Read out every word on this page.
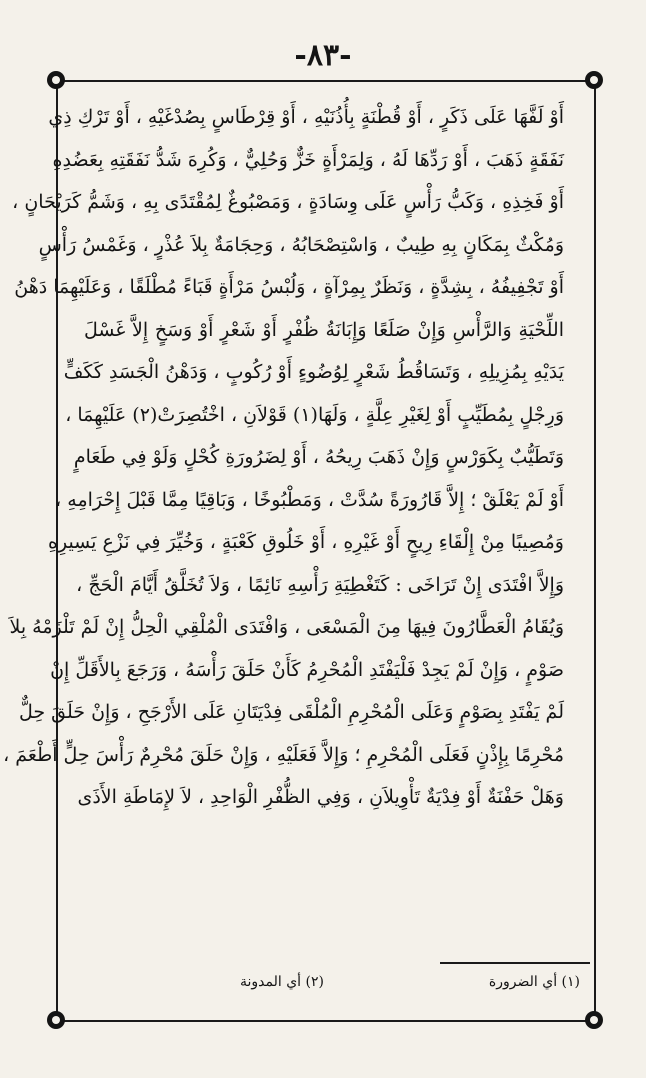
-٨٣-
أَوْ لَفَّهَا عَلَى ذَكَرٍ ، أَوْ قُطْنَةٍ بِأُذُنَيْهِ ، أَوْ قِرْطَاسٍ بِصُدْغَيْهِ ، أَوْ تَرْكِ ذِي
نَفَقَةٍ ذَهَبَ ، أَوْ رَدِّهَا لَهُ ، وَلِمَرْأَةٍ خَزٌّ وَحُلِيٌّ ، وَكُرِهَ شَدُّ نَفَقَتِهِ بِعَضُدِهِ
أَوْ فَخِذِهِ ، وَكَبُّ رَأْسٍ عَلَى وِسَادَةٍ ، وَمَصْبُوغٌ لِمُقْتَدًى بِهِ ، وَشَمُّ كَرَيْحَانٍ ،
وَمُكْثٌ بِمَكَانٍ بِهِ طِيبٌ ، وَاسْتِصْحَابُهُ ، وَحِجَامَةٌ بِلاَ عُذْرٍ ، وَغَمْسُ رَأْسٍ
أَوْ تَجْفِيفُهُ ، بِشِدَّةٍ ، وَنَظَرٌ بِمِرْآةٍ ، وَلُبْسُ مَرْأَةٍ قَبَاءً مُطْلَقًا ، وَعَلَيْهِمَا دَهْنُ
اللِّحْيَةِ وَالرَّأْسِ وَإِنْ صَلَعًا وَإِبَانَةُ ظُفْرٍ أَوْ شَعْرٍ أَوْ وَسَخٍ إِلاَّ غَسْلَ
يَدَيْهِ بِمُزِيلِهِ ، وَتَسَاقُطُ شَعْرٍ لِوُضُوءٍ أَوْ رُكُوبٍ ، وَدَهْنُ الْجَسَدِ كَكَفٍّ
وَرِجْلٍ بِمُطَيِّبٍ أَوْ لِغَيْرِ عِلَّةٍ ، وَلَهَا(١) قَوْلاَنِ ، اخْتُصِرَتْ(٢) عَلَيْهِمَا ،
وَتَطَيُّبٌ بِكَوَرْسٍ وَإِنْ ذَهَبَ رِيحُهُ ، أَوْ لِضَرُورَةِ كُحْلٍ وَلَوْ فِي طَعَامٍ
أَوْ لَمْ يَعْلَقْ ؛ إِلاَّ قَارُورَةً سُدَّتْ ، وَمَطْبُوخًا ، وَبَاقِيًا مِمَّا قَبْلَ إِحْرَامِهِ ،
وَمُصِيبًا مِنْ إِلْقَاءِ رِيحٍ أَوْ غَيْرِهِ ، أَوْ خَلُوقِ كَعْبَةٍ ، وَخُيِّرَ فِي نَزْعِ يَسِيرِهِ
وَإِلاَّ افْتَدَى إِنْ تَرَاخَى : كَتَغْطِيَةِ رَأْسِهِ نَائِمًا ، وَلاَ تُخَلَّقُ أَيَّامَ الْحَجِّ ،
وَيُقَامُ الْعَطَّارُونَ فِيهَا مِنَ الْمَسْعَى ، وَافْتَدَى الْمُلْقِي الْحِلُّ إِنْ لَمْ تَلْزَمْهُ بِلاَ
صَوْمٍ ، وَإِنْ لَمْ يَجِدْ فَلْيَفْتَدِ الْمُحْرِمُ كَأَنْ حَلَقَ رَأْسَهُ ، وَرَجَعَ بِالأَقَلِّ إِنْ
لَمْ يَفْتَدِ بِصَوْمٍ وَعَلَى الْمُحْرِمِ الْمُلْقَى فِدْيَتَانِ عَلَى الأَرْجَحِ ، وَإِنْ حَلَقَ حِلٌّ
مُحْرِمًا بِإِذْنٍ فَعَلَى الْمُحْرِمِ ؛ وَإِلاَّ فَعَلَيْهِ ، وَإِنْ حَلَقَ مُحْرِمٌ رَأْسَ حِلٍّ أَطْعَمَ ،
وَهَلْ حَفْنَةٌ أَوْ فِدْيَةٌ تَأْوِيلاَنِ ، وَفِي الظُّفْرِ الْوَاحِدِ ، لاَ لإِمَاطَةِ الأَذَى
(١) أي الضرورة
(٢) أي المدونة
